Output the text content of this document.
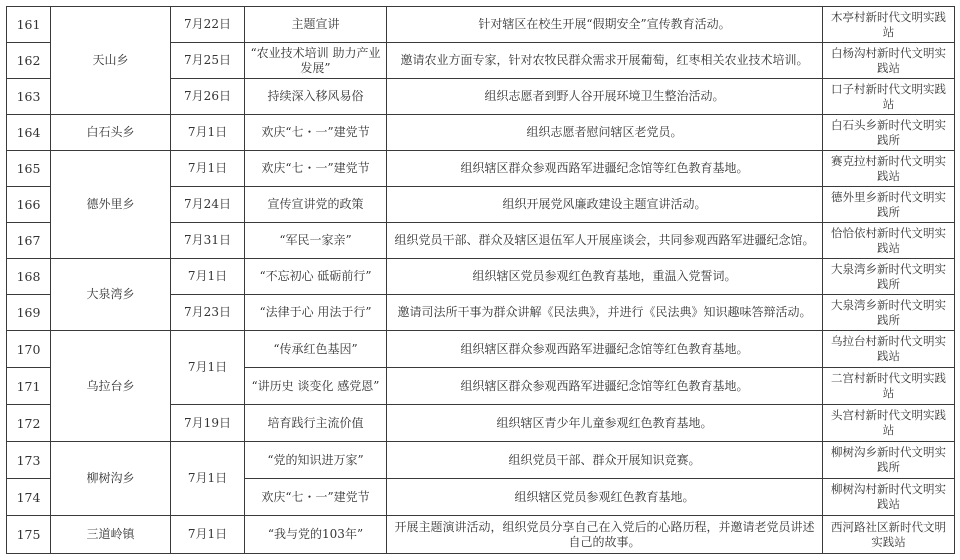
161	天山乡	7月22日	主题宣讲	针对辖区在校生开展“假期安全”宣传教育活动。	木亭村新时代文明实践站
162		7月25日	“农业技术培训 助力产业发展”	邀请农业方面专家，针对农牧民群众需求开展葡萄，红枣相关农业技术培训。	白杨沟村新时代文明实践站
163		7月26日	持续深入移风易俗	组织志愿者到野人谷开展环境卫生整治活动。	口子村新时代文明实践站
164	白石头乡	7月1日	欢庆“七・一”建党节	组织志愿者慰问辖区老党员。	白石头乡新时代文明实践所
165	德外里乡	7月1日	欢庆“七・一”建党节	组织辖区群众参观西路军进疆纪念馆等红色教育基地。	赛克拉村新时代文明实践站
166		7月24日	宣传宣讲党的政策	组织开展党风廉政建设主题宣讲活动。	德外里乡新时代文明实践所
167		7月31日	“军民一家亲”	组织党员干部、群众及辖区退伍军人开展座谈会，共同参观西路军进疆纪念馆。	恰恰依村新时代文明实践站
168	大泉湾乡	7月1日	“不忘初心 砥砺前行”	组织辖区党员参观红色教育基地，重温入党誓词。	大泉湾乡新时代文明实践所
169		7月23日	“法律于心 用法于行”	邀请司法所干事为群众讲解《民法典》，并进行《民法典》知识趣味答辩活动。	大泉湾乡新时代文明实践所
170	乌拉台乡	7月1日	“传承红色基因”	组织辖区群众参观西路军进疆纪念馆等红色教育基地。	乌拉台村新时代文明实践站
171			“讲历史 谈变化 感党恩”	组织辖区群众参观西路军进疆纪念馆等红色教育基地。	二宫村新时代文明实践站
172		7月19日	培育践行主流价值	组织辖区青少年儿童参观红色教育基地。	头宫村新时代文明实践站
173	柳树沟乡	7月1日	“党的知识进万家”	组织党员干部、群众开展知识竞赛。	柳树沟乡新时代文明实践所
174			欢庆“七・一”建党节	组织辖区党员参观红色教育基地。	柳树沟村新时代文明实践站
175	三道岭镇	7月1日	“我与党的103年”	开展主题演讲活动，组织党员分享自己在入党后的心路历程，并邀请老党员讲述自己的故事。	西河路社区新时代文明实践站
